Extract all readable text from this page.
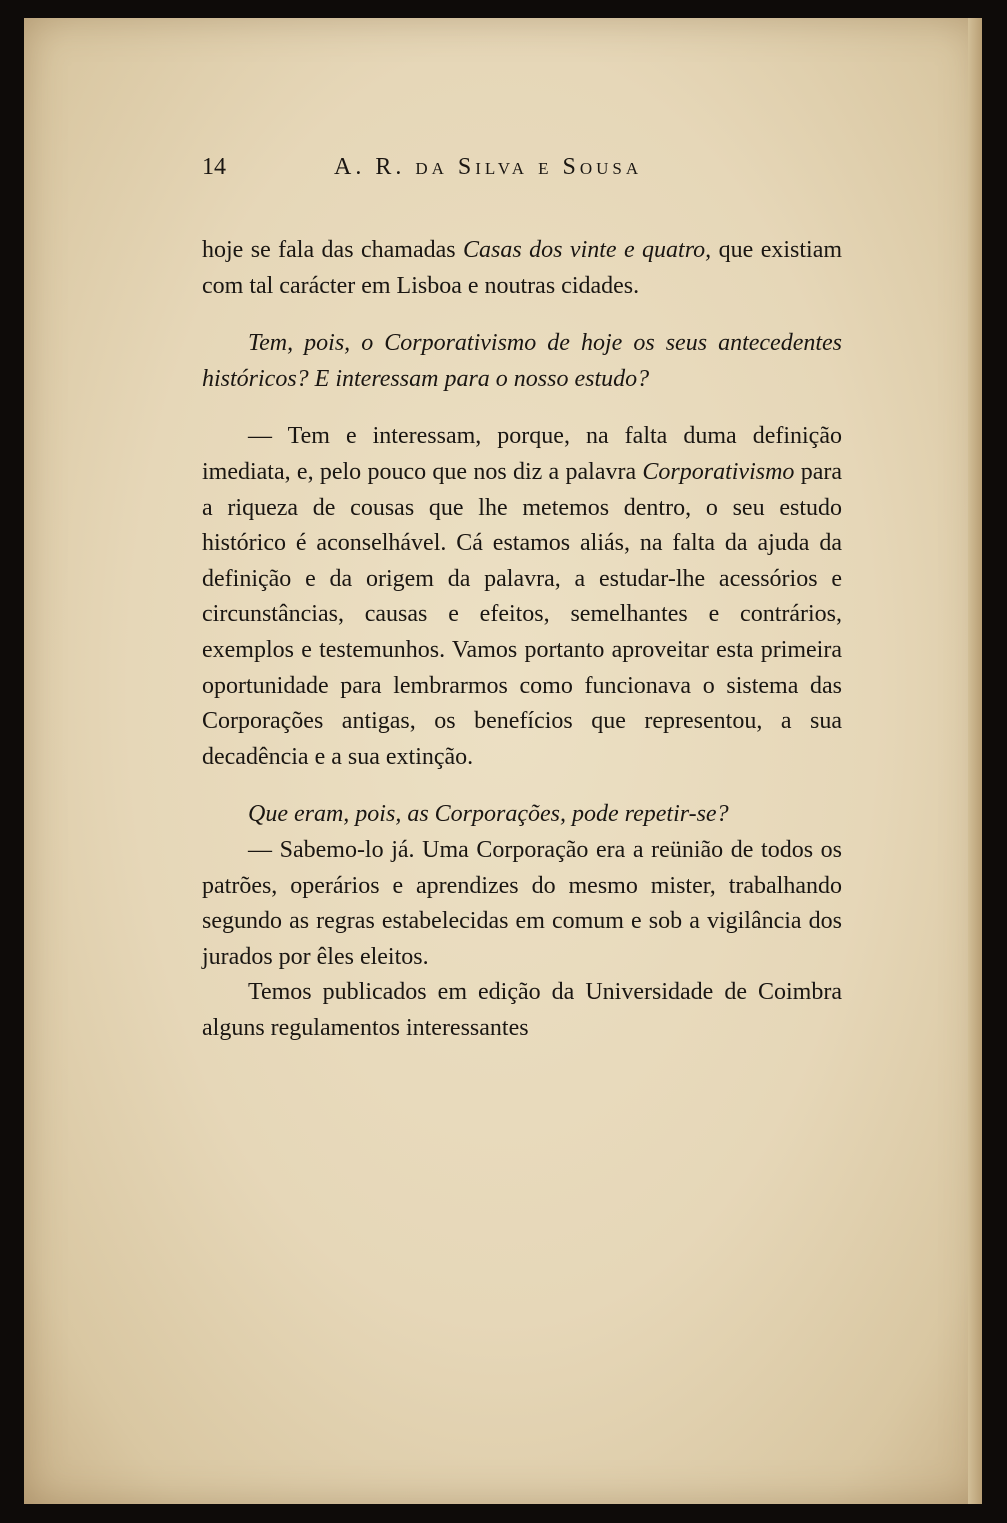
14	A. R. da Silva e Sousa

hoje se fala das chamadas Casas dos vinte e quatro, que existiam com tal carácter em Lisboa e noutras cidades.

Tem, pois, o Corporativismo de hoje os seus antecedentes históricos? E interessam para o nosso estudo?

— Tem e interessam, porque, na falta duma definição imediata, e, pelo pouco que nos diz a palavra Corporativismo para a riqueza de cousas que lhe metemos dentro, o seu estudo histórico é aconselhável. Cá estamos aliás, na falta da ajuda da definição e da origem da palavra, a estudar-lhe acessórios e circunstâncias, causas e efeitos, semelhantes e contrários, exemplos e testemunhos. Vamos portanto aproveitar esta primeira oportunidade para lembrarmos como funcionava o sistema das Corporações antigas, os benefícios que representou, a sua decadência e a sua extinção.

Que eram, pois, as Corporações, pode repetir-se?

— Sabemo-lo já. Uma Corporação era a reünião de todos os patrões, operários e aprendizes do mesmo mister, trabalhando segundo as regras estabelecidas em comum e sob a vigilância dos jurados por êles eleitos.

Temos publicados em edição da Universidade de Coimbra alguns regulamentos interessantes
